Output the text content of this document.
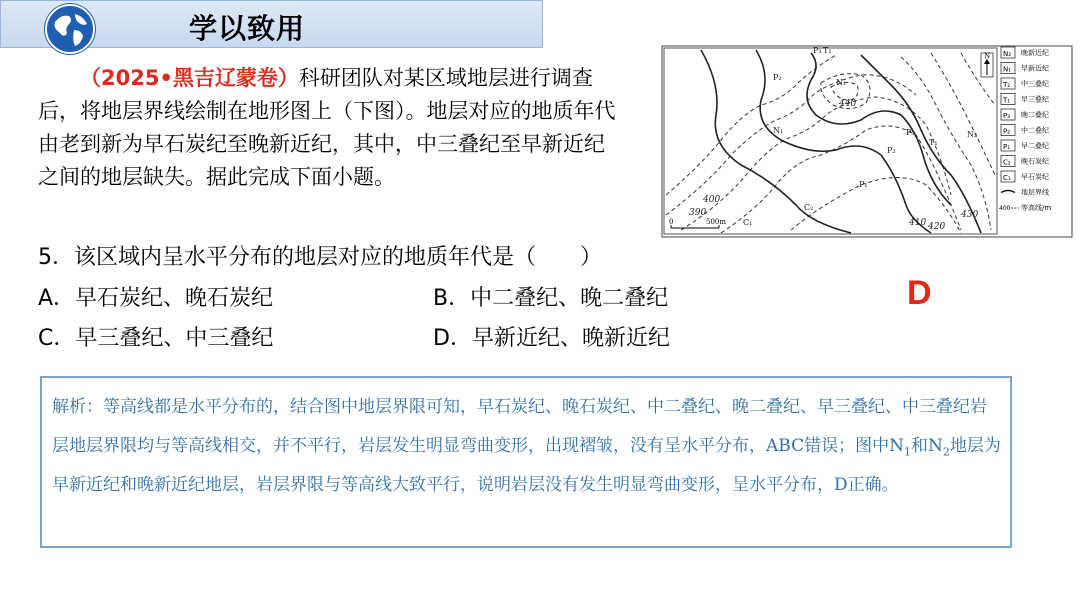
学以致用
（2025•黑吉辽蒙卷）科研团队对某区域地层进行调查后，将地层界线绘制在地形图上（下图）。地层对应的地质年代由老到新为早石炭纪至晚新近纪，其中，中三叠纪至早新近纪之间的地层缺失。据此完成下面小题。
N
0	500m
440
400
390
410 420
430
P₃ T₁
P₂
N₁
N₁	N₂
P₂
P₁
C₂
C₁
P₃
T₁
N₂ 晚新近纪
N₁ 早新近纪
T₂ 中三叠纪
T₁ 早三叠纪
P₃ 晚二叠纪
P₂ 中二叠纪
P₁ 早二叠纪
C₂ 晚石炭纪
C₁ 早石炭纪
地层界线
400 等高线/m
5．该区域内呈水平分布的地层对应的地质年代是（　　）
A．早石炭纪、晚石炭纪	B．中二叠纪、晚二叠纪
C．早三叠纪、中三叠纪	D．早新近纪、晚新近纪
D
解析：等高线都是水平分布的，结合图中地层界限可知，早石炭纪、晚石炭纪、中二叠纪、晚二叠纪、早三叠纪、中三叠纪岩层地层界限均与等高线相交，并不平行，岩层发生明显弯曲变形，出现褶皱，没有呈水平分布，ABC错误；图中$N_1$和$N_2$地层为早新近纪和晚新近纪地层，岩层界限与等高线大致平行，说明岩层没有发生明显弯曲变形，呈水平分布，D正确。
